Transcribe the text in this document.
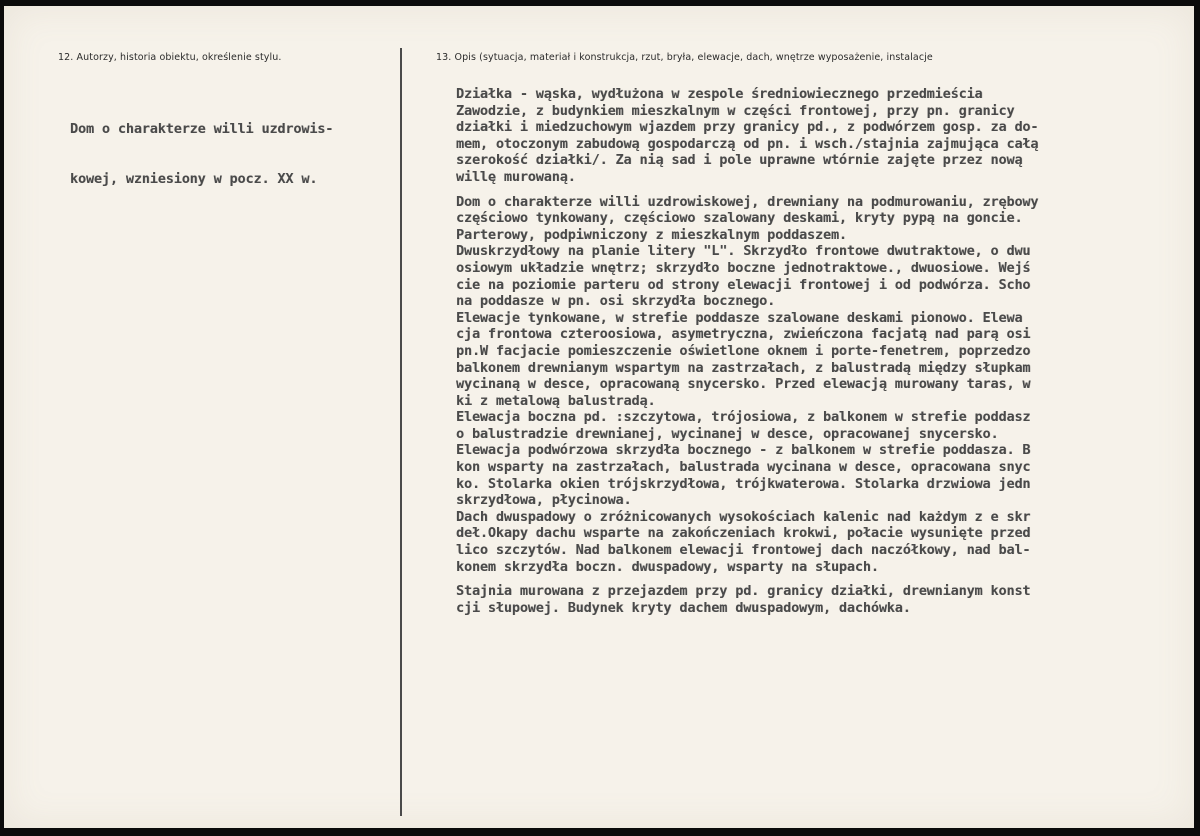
12. Autorzy, historia obiektu, określenie stylu.	13. Opis (sytuacja, materiał i konstrukcja, rzut, bryła, elewacje, dach, wnętrze wyposażenie, instalacje

Dom o charakterze willi uzdrowis-

kowej, wzniesiony w pocz. XX w.

Działka - wąska, wydłużona w zespole średniowiecznego przedmieścia
Zawodzie, z budynkiem mieszkalnym w części frontowej, przy pn. granicy
działki i miedzuchowym wjazdem przy granicy pd., z podwórzem gosp. za do-
mem, otoczonym zabudową gospodarczą od pn. i wsch./stajnia zajmująca całą
szerokość działki/. Za nią sad i pole uprawne wtórnie zajęte przez nową
willę murowaną.
Dom o charakterze willi uzdrowiskowej, drewniany na podmurowaniu, zrębowy
częściowo tynkowany, częściowo szalowany deskami, kryty pypą na goncie.
Parterowy, podpiwniczony z mieszkalnym poddaszem.
Dwuskrzydłowy na planie litery "L". Skrzydło frontowe dwutraktowe, o dwu
osiowym układzie wnętrz; skrzydło boczne jednotraktowe., dwuosiowe. Wejś
cie na poziomie parteru od strony elewacji frontowej i od podwórza. Scho
na poddasze w pn. osi skrzydła bocznego.
Elewacje tynkowane, w strefie poddasze szalowane deskami pionowo. Elewa
cja frontowa czteroosiowa, asymetryczna, zwieńczona facjatą nad parą osi
pn.W facjacie pomieszczenie oświetlone oknem i porte-fenetrem, poprzedzo
balkonem drewnianym wspartym na zastrzałach, z balustradą między słupkam
wycinaną w desce, opracowaną snycersko. Przed elewacją murowany taras, w
ki z metalową balustradą.
Elewacja boczna pd. :szczytowa, trójosiowa, z balkonem w strefie poddasz
o balustradzie drewnianej, wycinanej w desce, opracowanej snycersko.
Elewacja podwórzowa skrzydła bocznego - z balkonem w strefie poddasza. B
kon wsparty na zastrzałach, balustrada wycinana w desce, opracowana snyc
ko. Stolarka okien trójskrzydłowa, trójkwaterowa. Stolarka drzwiowa jedn
skrzydłowa, płycinowa.
Dach dwuspadowy o zróżnicowanych wysokościach kalenic nad każdym z e skr
deł.Okapy dachu wsparte na zakończeniach krokwi, połacie wysunięte przed
lico szczytów. Nad balkonem elewacji frontowej dach naczółkowy, nad bal-
konem skrzydła boczn. dwuspadowy, wsparty na słupach.
Stajnia murowana z przejazdem przy pd. granicy działki, drewnianym konst
cji słupowej. Budynek kryty dachem dwuspadowym, dachówka.
